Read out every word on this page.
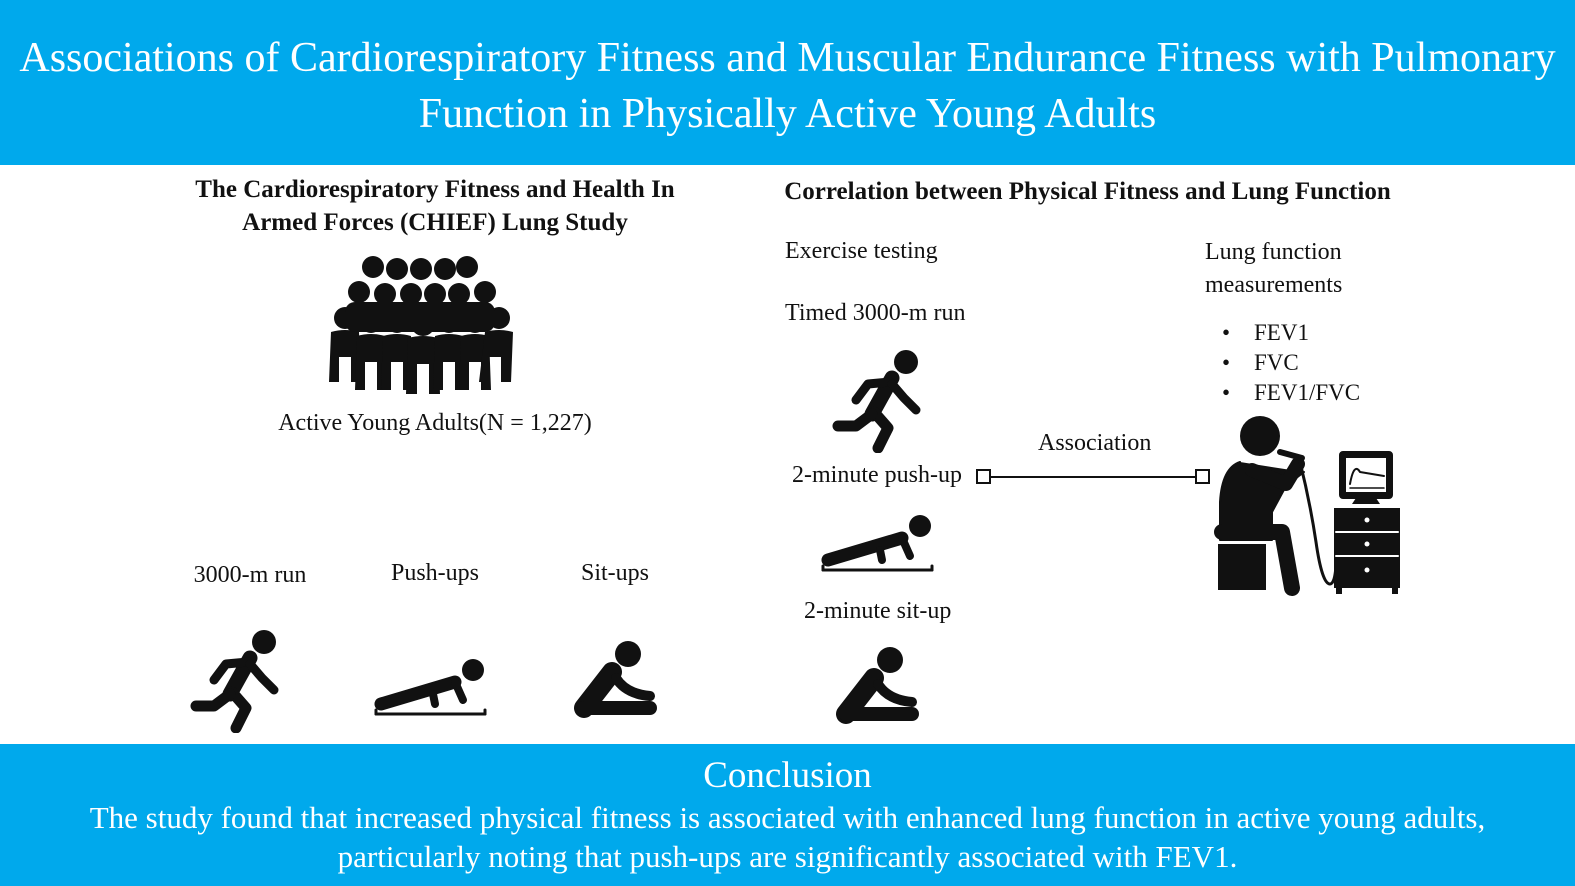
Associations of Cardiorespiratory Fitness and Muscular Endurance Fitness with Pulmonary Function in Physically Active Young Adults
The Cardiorespiratory Fitness and Health In Armed Forces (CHIEF) Lung Study
Active Young Adults(N = 1,227)
3000-m run	Push-ups	Sit-ups
Correlation between Physical Fitness and Lung Function
Exercise testing
Timed 3000-m run
2-minute push-up
2-minute sit-up
Association
Lung function measurements
• FEV1
• FVC
• FEV1/FVC
Conclusion
The study found that increased physical fitness is associated with enhanced lung function in active young adults, particularly noting that push-ups are significantly associated with FEV1.
